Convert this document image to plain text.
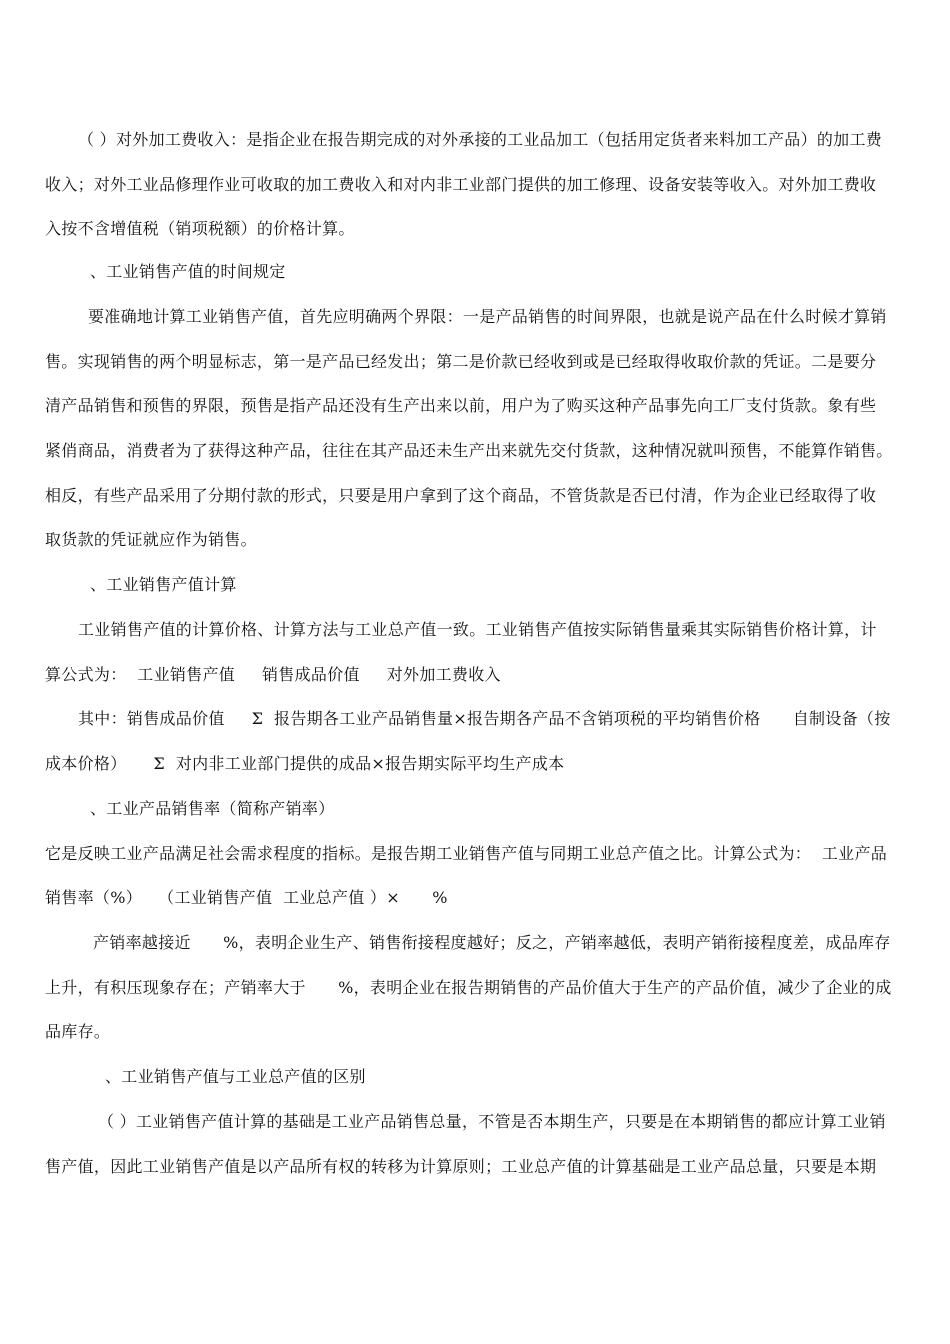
（ ）对外加工费收入：是指企业在报告期完成的对外承接的工业品加工（包括用定货者来料加工产品）的加工费
收入；对外工业品修理作业可收取的加工费收入和对内非工业部门提供的加工修理、设备安装等收入。对外加工费收
入按不含增值税（销项税额）的价格计算。
、工业销售产值的时间规定
要准确地计算工业销售产值，首先应明确两个界限：一是产品销售的时间界限，也就是说产品在什么时候才算销
售。实现销售的两个明显标志，第一是产品已经发出；第二是价款已经收到或是已经取得收取价款的凭证。二是要分
清产品销售和预售的界限，预售是指产品还没有生产出来以前，用户为了购买这种产品事先向工厂支付货款。象有些
紧俏商品，消费者为了获得这种产品，往往在其产品还未生产出来就先交付货款，这种情况就叫预售，不能算作销售。
相反，有些产品采用了分期付款的形式，只要是用户拿到了这个商品，不管货款是否已付清，作为企业已经取得了收
取货款的凭证就应作为销售。
、工业销售产值计算
工业销售产值的计算价格、计算方法与工业总产值一致。工业销售产值按实际销售量乘其实际销售价格计算，计
算公式为：  工业销售产值     销售成品价值     对外加工费收入
其中：销售成品价值     Σ  报告期各工业产品销售量×报告期各产品不含销项税的平均销售价格      自制设备（按
成本价格）     Σ  对内非工业部门提供的成品×报告期实际平均生产成本
、工业产品销售率（简称产销率）
它是反映工业产品满足社会需求程度的指标。是报告期工业销售产值与同期工业总产值之比。计算公式为：  工业产品
销售率（%）   （工业销售产值  工业总产值 ）×      %
产销率越接近      %，表明企业生产、销售衔接程度越好；反之，产销率越低，表明产销衔接程度差，成品库存
上升，有积压现象存在；产销率大于      %，表明企业在报告期销售的产品价值大于生产的产品价值，减少了企业的成
品库存。
、工业销售产值与工业总产值的区别
（ ）工业销售产值计算的基础是工业产品销售总量，不管是否本期生产，只要是在本期销售的都应计算工业销
售产值，因此工业销售产值是以产品所有权的转移为计算原则；工业总产值的计算基础是工业产品总量，只要是本期
